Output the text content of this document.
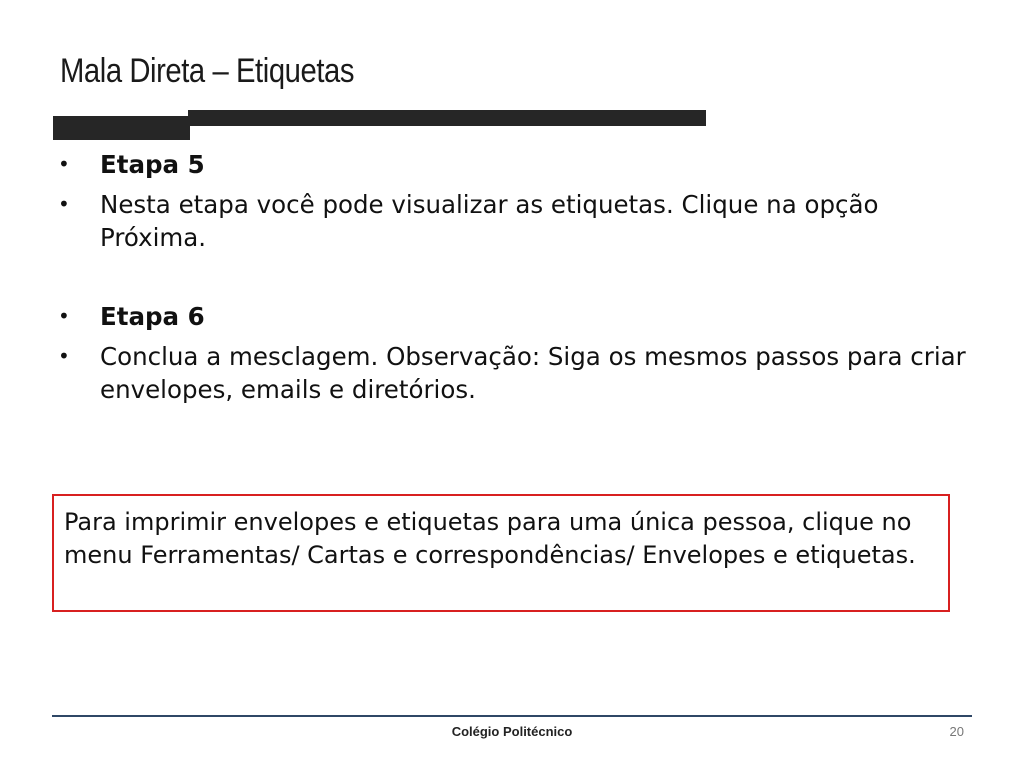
Mala Direta – Etiquetas
•	Etapa 5
•	Nesta etapa você pode visualizar as etiquetas. Clique na opção Próxima.
•	Etapa 6
•	Conclua a mesclagem. Observação: Siga os mesmos passos para criar envelopes, emails e diretórios.
Para imprimir envelopes e etiquetas para uma única pessoa, clique no menu Ferramentas/ Cartas e correspondências/ Envelopes e etiquetas.
Colégio Politécnico	20
